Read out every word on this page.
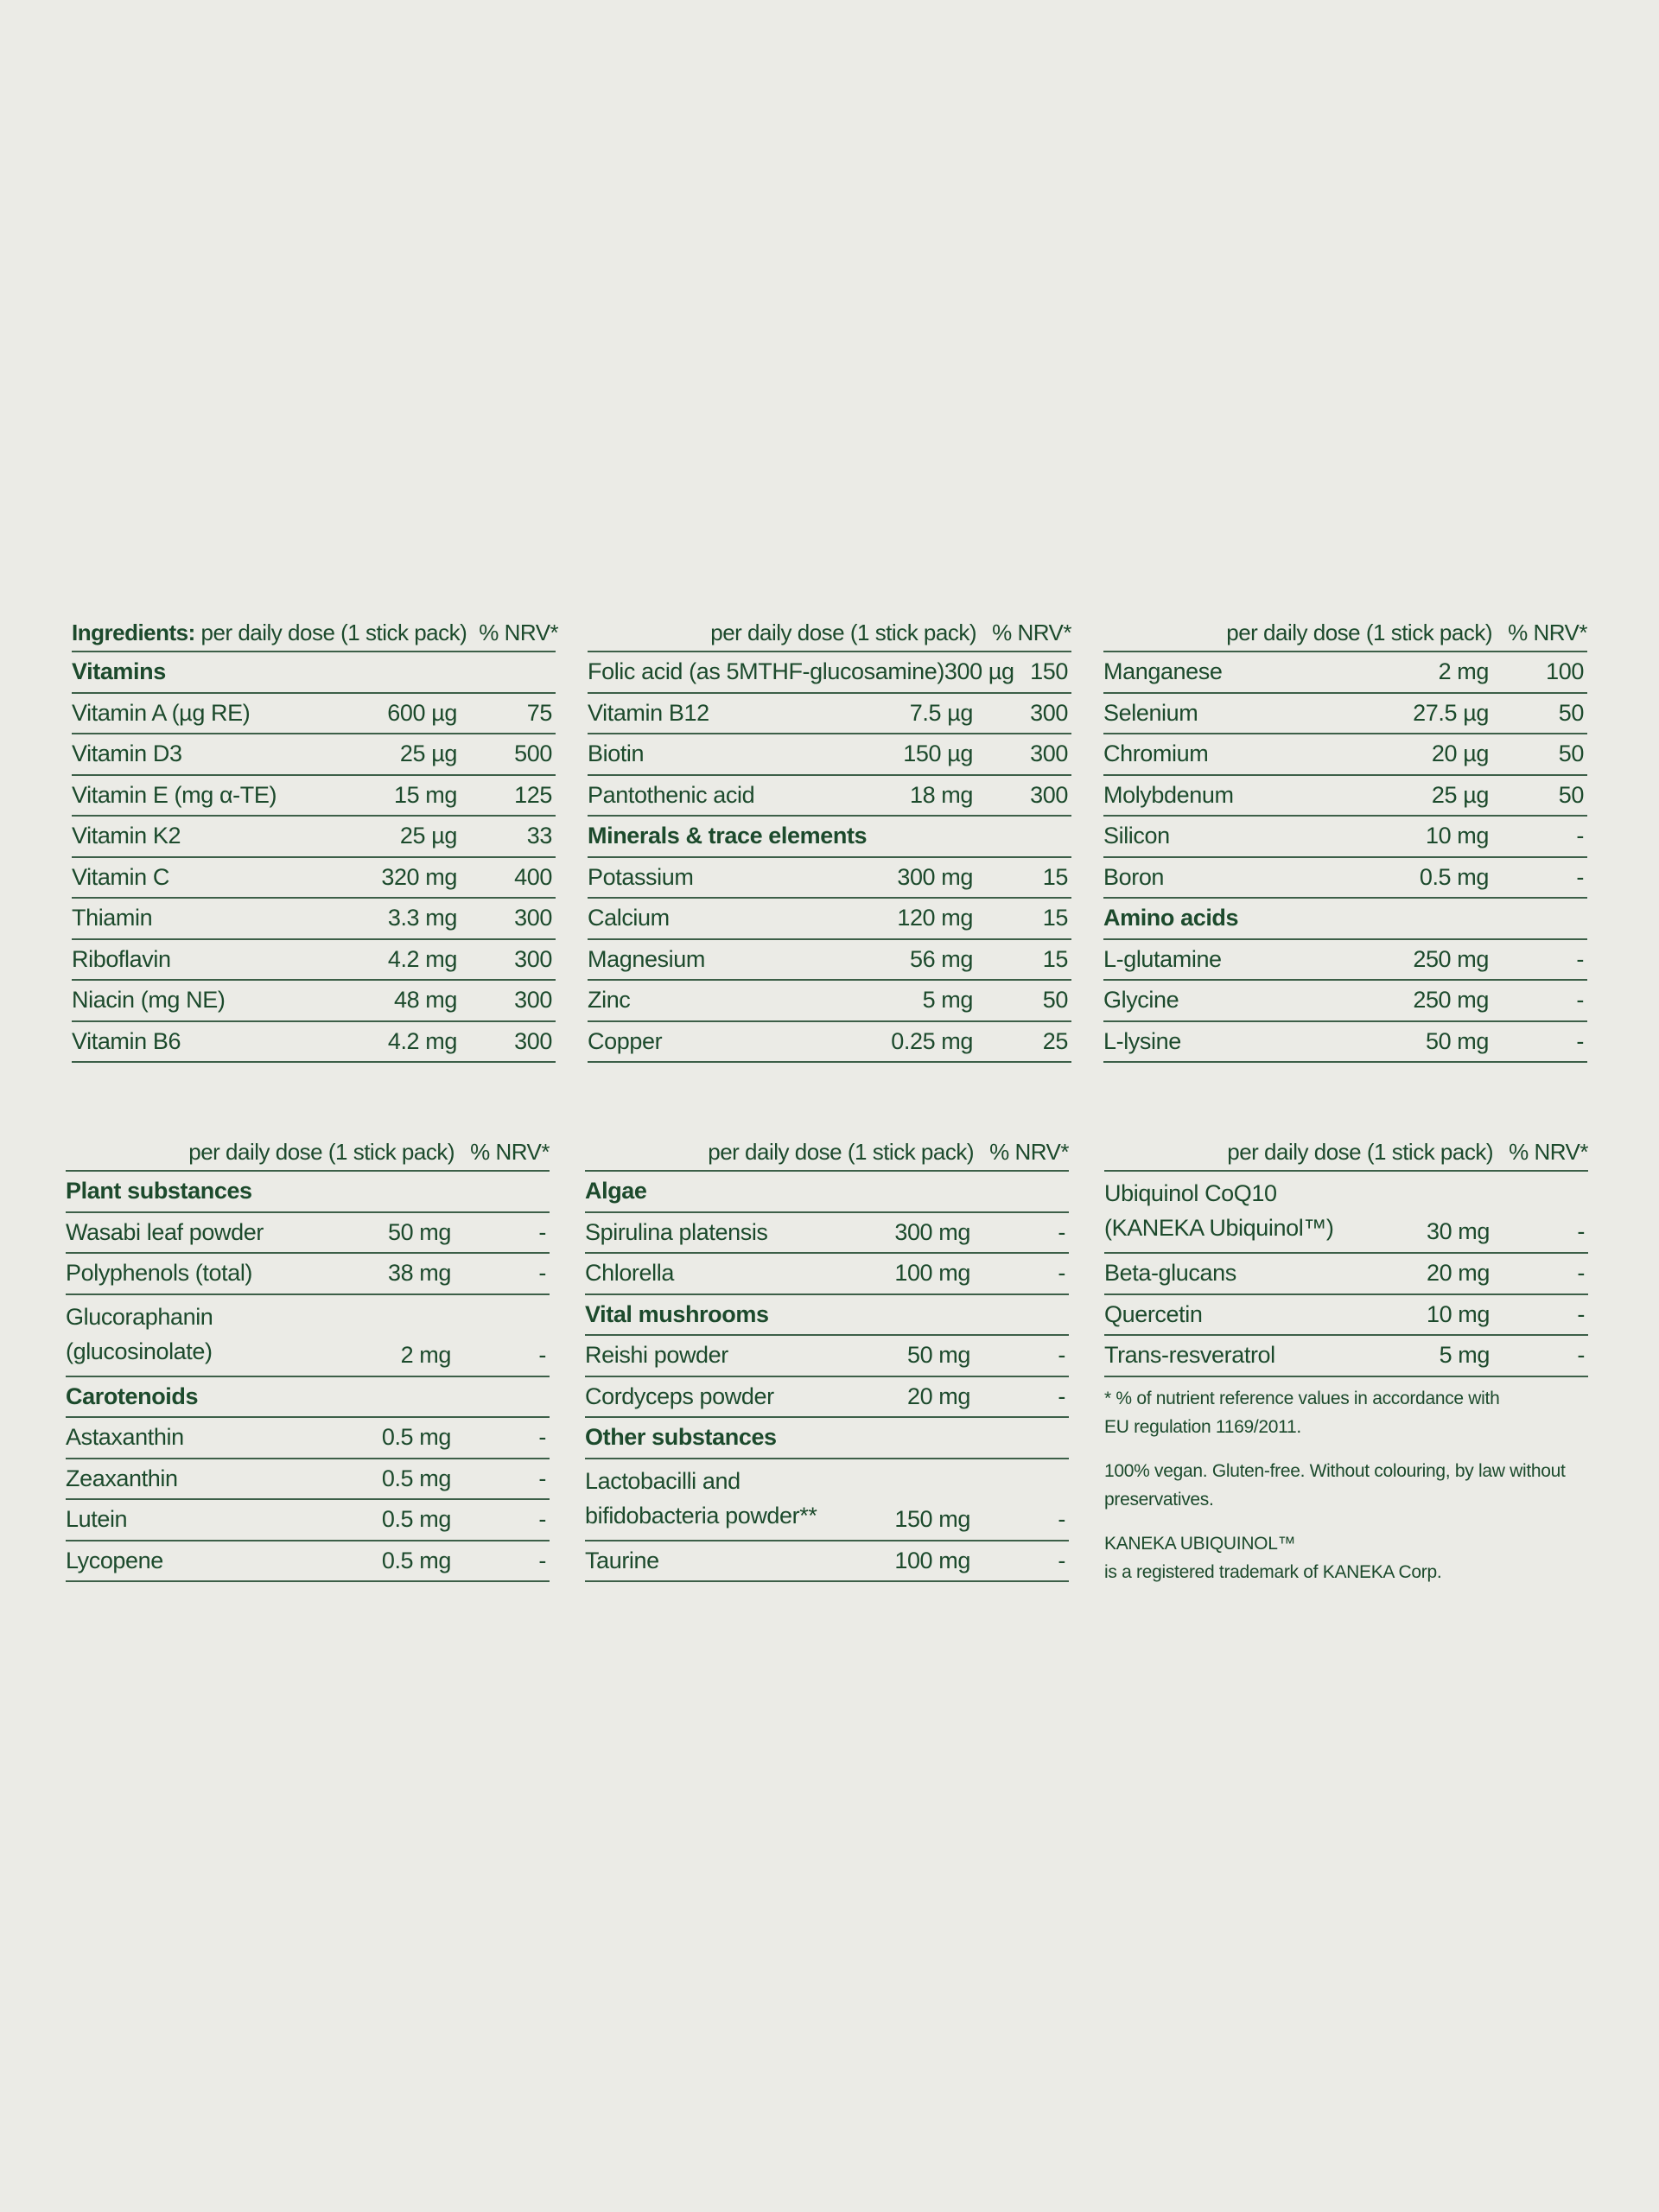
Ingredients: per daily dose (1 stick pack) % NRV*
Vitamins
Vitamin A (µg RE)	600 µg	75
Vitamin D3	25 µg	500
Vitamin E (mg α-TE)	15 mg	125
Vitamin K2	25 µg	33
Vitamin C	320 mg	400
Thiamin	3.3 mg	300
Riboflavin	4.2 mg	300
Niacin (mg NE)	48 mg	300
Vitamin B6	4.2 mg	300
per daily dose (1 stick pack) % NRV*
Folic acid (as 5MTHF-glucosamine) 300 µg 150
Vitamin B12	7.5 µg	300
Biotin	150 µg	300
Pantothenic acid	18 mg	300
Minerals & trace elements
Potassium	300 mg	15
Calcium	120 mg	15
Magnesium	56 mg	15
Zinc	5 mg	50
Copper	0.25 mg	25
per daily dose (1 stick pack) % NRV*
Manganese	2 mg	100
Selenium	27.5 µg	50
Chromium	20 µg	50
Molybdenum	25 µg	50
Silicon	10 mg	-
Boron	0.5 mg	-
Amino acids
L-glutamine	250 mg	-
Glycine	250 mg	-
L-lysine	50 mg	-
per daily dose (1 stick pack) % NRV*
Plant substances
Wasabi leaf powder	50 mg	-
Polyphenols (total)	38 mg	-
Glucoraphanin (glucosinolate)	2 mg	-
Carotenoids
Astaxanthin	0.5 mg	-
Zeaxanthin	0.5 mg	-
Lutein	0.5 mg	-
Lycopene	0.5 mg	-
per daily dose (1 stick pack) % NRV*
Algae
Spirulina platensis	300 mg	-
Chlorella	100 mg	-
Vital mushrooms
Reishi powder	50 mg	-
Cordyceps powder	20 mg	-
Other substances
Lactobacilli and bifidobacteria powder**	150 mg	-
Taurine	100 mg	-
per daily dose (1 stick pack) % NRV*
Ubiquinol CoQ10 (KANEKA Ubiquinol™)	30 mg	-
Beta-glucans	20 mg	-
Quercetin	10 mg	-
Trans-resveratrol	5 mg	-

* % of nutrient reference values in accordance with
EU regulation 1169/2011.

100% vegan. Gluten-free. Without colouring, by law without
preservatives.

KANEKA UBIQUINOL™
is a registered trademark of KANEKA Corp.
